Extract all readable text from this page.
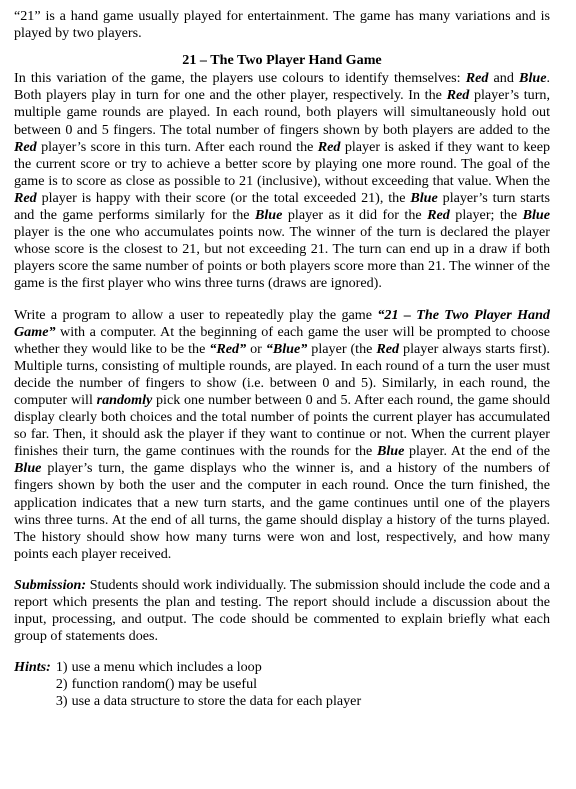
“21” is a hand game usually played for entertainment. The game has many variations and is played by two players.

21 – The Two Player Hand Game

In this variation of the game, the players use colours to identify themselves: Red and Blue. Both players play in turn for one and the other player, respectively. In the Red player’s turn, multiple game rounds are played. In each round, both players will simultaneously hold out between 0 and 5 fingers. The total number of fingers shown by both players are added to the Red player’s score in this turn. After each round the Red player is asked if they want to keep the current score or try to achieve a better score by playing one more round. The goal of the game is to score as close as possible to 21 (inclusive), without exceeding that value. When the Red player is happy with their score (or the total exceeded 21), the Blue player’s turn starts and the game performs similarly for the Blue player as it did for the Red player; the Blue player is the one who accumulates points now. The winner of the turn is declared the player whose score is the closest to 21, but not exceeding 21. The turn can end up in a draw if both players score the same number of points or both players score more than 21. The winner of the game is the first player who wins three turns (draws are ignored).

Write a program to allow a user to repeatedly play the game “21 – The Two Player Hand Game” with a computer. At the beginning of each game the user will be prompted to choose whether they would like to be the “Red” or “Blue” player (the Red player always starts first). Multiple turns, consisting of multiple rounds, are played. In each round of a turn the user must decide the number of fingers to show (i.e. between 0 and 5). Similarly, in each round, the computer will randomly pick one number between 0 and 5. After each round, the game should display clearly both choices and the total number of points the current player has accumulated so far. Then, it should ask the player if they want to continue or not. When the current player finishes their turn, the game continues with the rounds for the Blue player. At the end of the Blue player’s turn, the game displays who the winner is, and a history of the numbers of fingers shown by both the user and the computer in each round. Once the turn finished, the application indicates that a new turn starts, and the game continues until one of the players wins three turns. At the end of all turns, the game should display a history of the turns played. The history should show how many turns were won and lost, respectively, and how many points each player received.

Submission: Students should work individually. The submission should include the code and a report which presents the plan and testing. The report should include a discussion about the input, processing, and output. The code should be commented to explain briefly what each group of statements does.

Hints: 1) use a menu which includes a loop
2) function random() may be useful
3) use a data structure to store the data for each player
